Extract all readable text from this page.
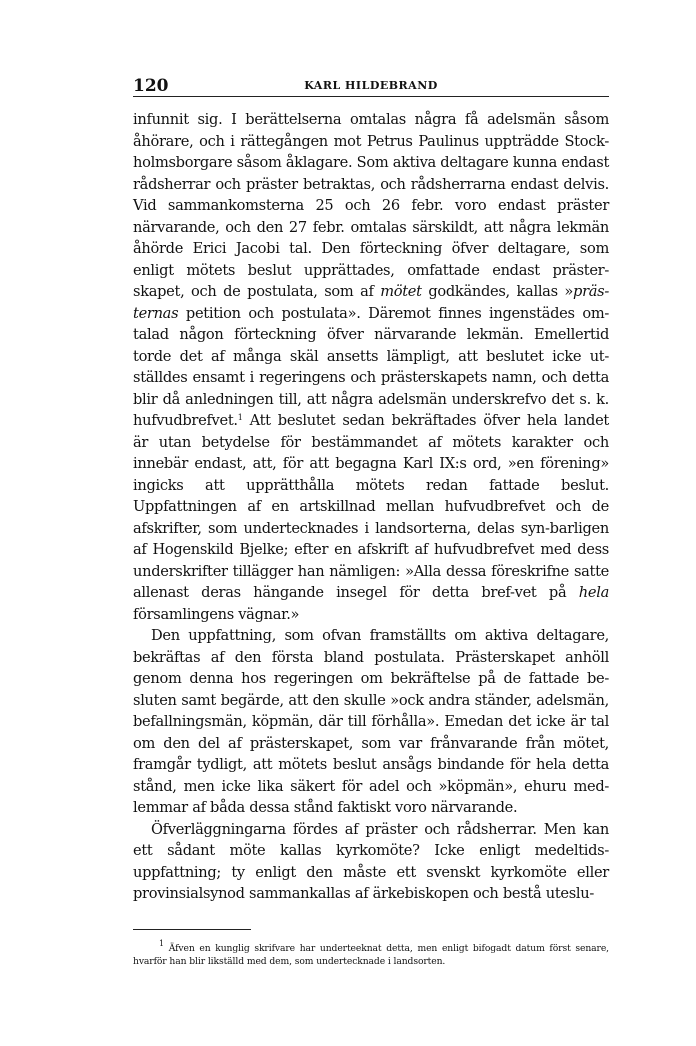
120	KARL HILDEBRAND

infunnit sig. I berättelserna omtalas några få adelsmän såsom åhörare, och i rättegången mot Petrus Paulinus uppträdde Stock-holmsborgare såsom åklagare. Som aktiva deltagare kunna endast rådsherrar och präster betraktas, och rådsherrarna endast delvis. Vid sammankomsterna 25 och 26 febr. voro endast präster närvarande, och den 27 febr. omtalas särskildt, att några lekmän åhörde Erici Jacobi tal. Den förteckning öfver deltagare, som enligt mötets beslut upprättades, omfattade endast präster-skapet, och de postulata, som af mötet godkändes, kallas »präs-ternas petition och postulata». Däremot finnes ingenstädes om-talad någon förteckning öfver närvarande lekmän. Emellertid torde det af många skäl ansetts lämpligt, att beslutet icke ut-ställdes ensamt i regeringens och prästerskapets namn, och detta blir då anledningen till, att några adelsmän underskrefvo det s. k. hufvudbrefvet.$^1$ Att beslutet sedan bekräftades öfver hela landet är utan betydelse för bestämmandet af mötets karakter och innebär endast, att, för att begagna Karl IX:s ord, »en förening» ingicks att upprätthålla mötets redan fattade beslut. Uppfattningen af en artskillnad mellan hufvudbrefvet och de afskrifter, som undertecknades i landsorterna, delas syn-barligen af Hogenskild Bjelke; efter en afskrift af hufvudbrefvet med dess underskrifter tillägger han nämligen: »Alla dessa föreskrifne satte allenast deras hängande insegel för detta bref-vet på hela församlingens vägnar.»

Den uppfattning, som ofvan framställts om aktiva deltagare, bekräftas af den första bland postulata. Prästerskapet anhöll genom denna hos regeringen om bekräftelse på de fattade be-sluten samt begärde, att den skulle »ock andra ständer, adelsmän, befallningsmän, köpmän, där till förhålla». Emedan det icke är tal om den del af prästerskapet, som var frånvarande från mötet, framgår tydligt, att mötets beslut ansågs bindande för hela detta stånd, men icke lika säkert för adel och »köpmän», ehuru med-lemmar af båda dessa stånd faktiskt voro närvarande.

Öfverläggningarna fördes af präster och rådsherrar. Men kan ett sådant möte kallas kyrkomöte? Icke enligt medeltids-uppfattning; ty enligt den måste ett svenskt kyrkomöte eller provinsialsynod sammankallas af ärkebiskopen och bestå uteslu-

$^1$ Äfven en kunglig skrifvare har underteeknat detta, men enligt bifogadt datum först senare, hvarför han blir likställd med dem, som undertecknade i landsorten.
